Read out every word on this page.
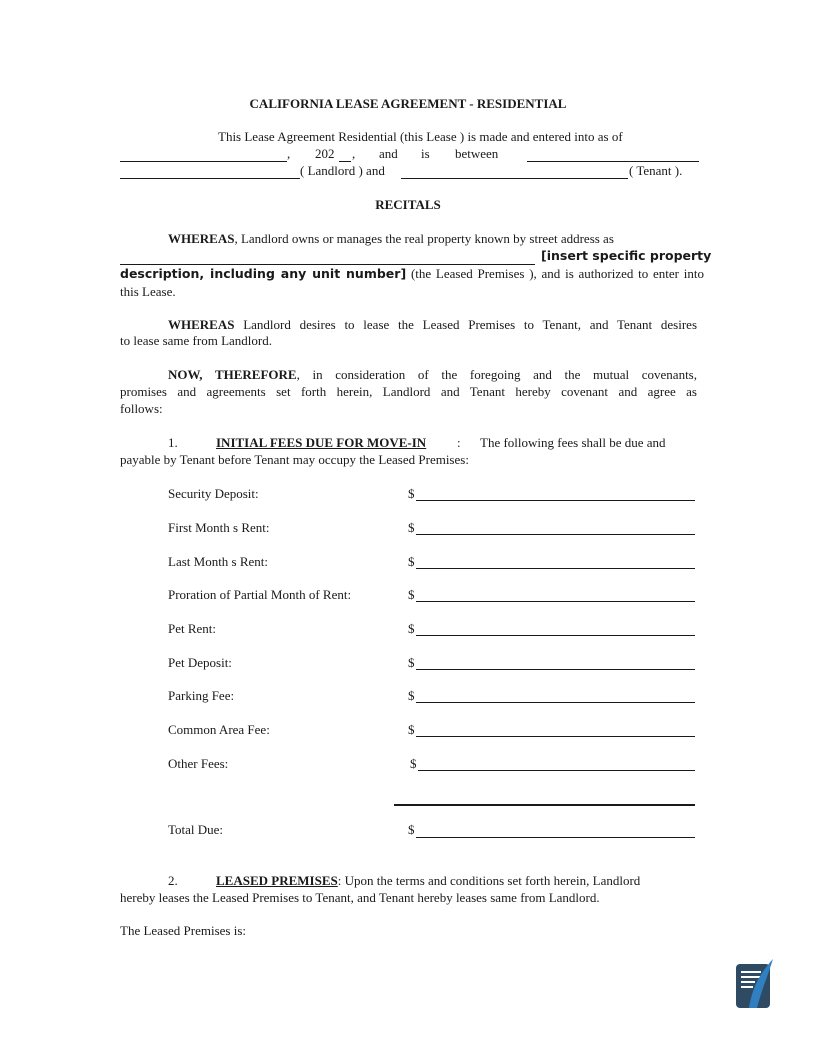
CALIFORNIA LEASE AGREEMENT - RESIDENTIAL
This Lease Agreement Residential (this Lease ) is made and entered into as of
, 202 , and is between
( Landlord ) and	( Tenant ).
RECITALS
WHEREAS, Landlord owns or manages the real property known by street address as
[insert specific property
description, including any unit number] (the Leased Premises ), and is authorized to enter into
this Lease.
WHEREAS Landlord desires to lease the Leased Premises to Tenant, and Tenant desires
to lease same from Landlord.
NOW, THEREFORE, in consideration of the foregoing and the mutual covenants,
promises and agreements set forth herein, Landlord and Tenant hereby covenant and agree as
follows:
1.	INITIAL FEES DUE FOR MOVE-IN : The following fees shall be due and
payable by Tenant before Tenant may occupy the Leased Premises:
Security Deposit:	$
First Month s Rent:	$
Last Month s Rent:	$
Proration of Partial Month of Rent:	$
Pet Rent:	$
Pet Deposit:	$
Parking Fee:	$
Common Area Fee:	$
Other Fees:	$
Total Due:	$
2.	LEASED PREMISES: Upon the terms and conditions set forth herein, Landlord
hereby leases the Leased Premises to Tenant, and Tenant hereby leases same from Landlord.
The Leased Premises is:
